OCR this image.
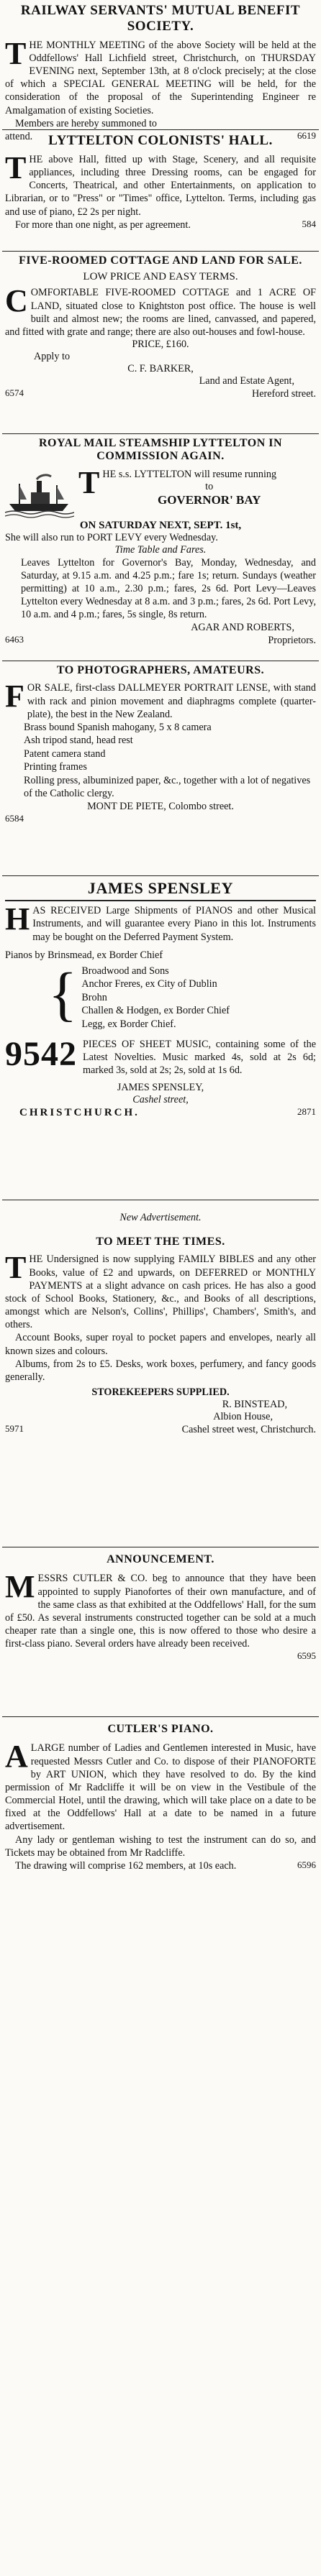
RAILWAY SERVANTS' MUTUAL BENEFIT SOCIETY.
T HE MONTHLY MEETING of the above Society will be held at the Oddfellows' Hall Lichfield street, Christchurch, on THURSDAY EVENING next, September 13th, at 8 o'clock precisely; at the close of which a SPECIAL GENERAL MEETING will be held, for the consideration of the proposal of the Superintending Engineer re Amalgamation of existing Societies.

Members are hereby summoned to

attend.	6619
LYTTELTON COLONISTS' HALL.
T HE above Hall, fitted up with Stage, Scenery, and all requisite appliances, including three Dressing rooms, can be engaged for Concerts, Theatrical, and other Entertainments, on application to Librarian, or to "Press" or "Times" office, Lyttelton. Terms, including gas and use of piano, £2 2s per night.

For more than one night, as per agreement.	584
FIVE-ROOMED COTTAGE AND LAND FOR SALE.
LOW PRICE AND EASY TERMS.
C OMFORTABLE FIVE-ROOMED COTTAGE and 1 ACRE OF LAND, situated close to Knightston post office. The house is well built and almost new; the rooms are lined, canvassed, and papered, and fitted with grate and range; there are also out-houses and fowl-house.

PRICE, £160.
Apply to
C. F. BARKER,
Land and Estate Agent,
6574	Hereford street.
ROYAL MAIL STEAMSHIP LYTTELTON IN COMMISSION AGAIN.
T HE s.s. LYTTELTON will resume running

to
GOVERNOR' BAY
ON SATURDAY NEXT, SEPT. 1st,
She will also run to PORT LEVY every Wednesday.
Time Table and Fares.

Leaves Lyttelton for Governor's Bay, Monday, Wednesday, and Saturday, at 9.15 a.m. and 4.25 p.m.; fare 1s; return. Sundays (weather permitting) at 10 a.m., 2.30 p.m.; fares, 2s 6d. Port Levy—Leaves Lyttelton every Wednesday at 8 a.m. and 3 p.m.; fares, 2s 6d. Port Levy, 10 a.m. and 4 p.m.; fares, 5s single, 8s return.

AGAR AND ROBERTS,
6463	Proprietors.
TO PHOTOGRAPHERS, AMATEURS.
F OR SALE, first-class DALLMEYER PORTRAIT LENSE, with stand with rack and pinion movement and diaphragms complete (quarter-plate), the best in the New Zealand.

Brass bound Spanish mahogany, 5 x 8 camera
Ash tripod stand, head rest
Patent camera stand
Printing frames
Rolling press, albuminized paper, &c., together with a lot of negatives of the Catholic clergy.
MONT DE PIETE, Colombo street.
6584
JAMES SPENSLEY
H AS RECEIVED Large Shipments of PIANOS and other Musical Instruments, and will guarantee every Piano in this lot. Instruments may be bought on the Deferred Payment System.

Pianos by Brinsmead, ex Border Chief
{ Broadwood and Sons
Anchor Freres, ex City of Dublin
Brohn
Challen & Hodgen, ex Border Chief
Legg, ex Border Chief.
9542 PIECES OF SHEET MUSIC, containing some of the Latest Novelties. Music marked 4s, sold at 2s 6d; marked 3s, sold at 2s; 2s, sold at 1s 6d.

JAMES SPENSLEY,
Cashel street,
CHRISTCHURCH.	2871
New Advertisement.
TO MEET THE TIMES.
T HE Undersigned is now supplying FAMILY BIBLES and any other Books, value of £2 and upwards, on DEFERRED or MONTHLY PAYMENTS at a slight advance on cash prices. He has also a good stock of School Books, Stationery, &c., and Books of all descriptions, amongst which are Nelson's, Collins', Phillips', Chambers', Smith's, and others.

Account Books, super royal to pocket papers and envelopes, nearly all known sizes and colours.

Albums, from 2s to £5. Desks, work boxes, perfumery, and fancy goods generally.

STOREKEEPERS SUPPLIED.
R. BINSTEAD,
Albion House,
5971	Cashel street west, Christchurch.
ANNOUNCEMENT.
M ESSRS CUTLER & CO. beg to announce that they have been appointed to supply Pianofortes of their own manufacture, and of the same class as that exhibited at the Oddfellows' Hall, for the sum of £50. As several instruments constructed together can be sold at a much cheaper rate than a single one, this is now offered to those who desire a first-class piano. Several orders have already been received.

6595
CUTLER'S PIANO.
A LARGE number of Ladies and Gentlemen interested in Music, have requested Messrs Cutler and Co. to dispose of their PIANOFORTE by ART UNION, which they have resolved to do. By the kind permission of Mr Radcliffe it will be on view in the Vestibule of the Commercial Hotel, until the drawing, which will take place on a date to be fixed at the Oddfellows' Hall at a date to be named in a future advertisement.

Any lady or gentleman wishing to test the instrument can do so, and Tickets may be obtained from Mr Radcliffe.

The drawing will comprise 162 members, at 10s each.	6596
